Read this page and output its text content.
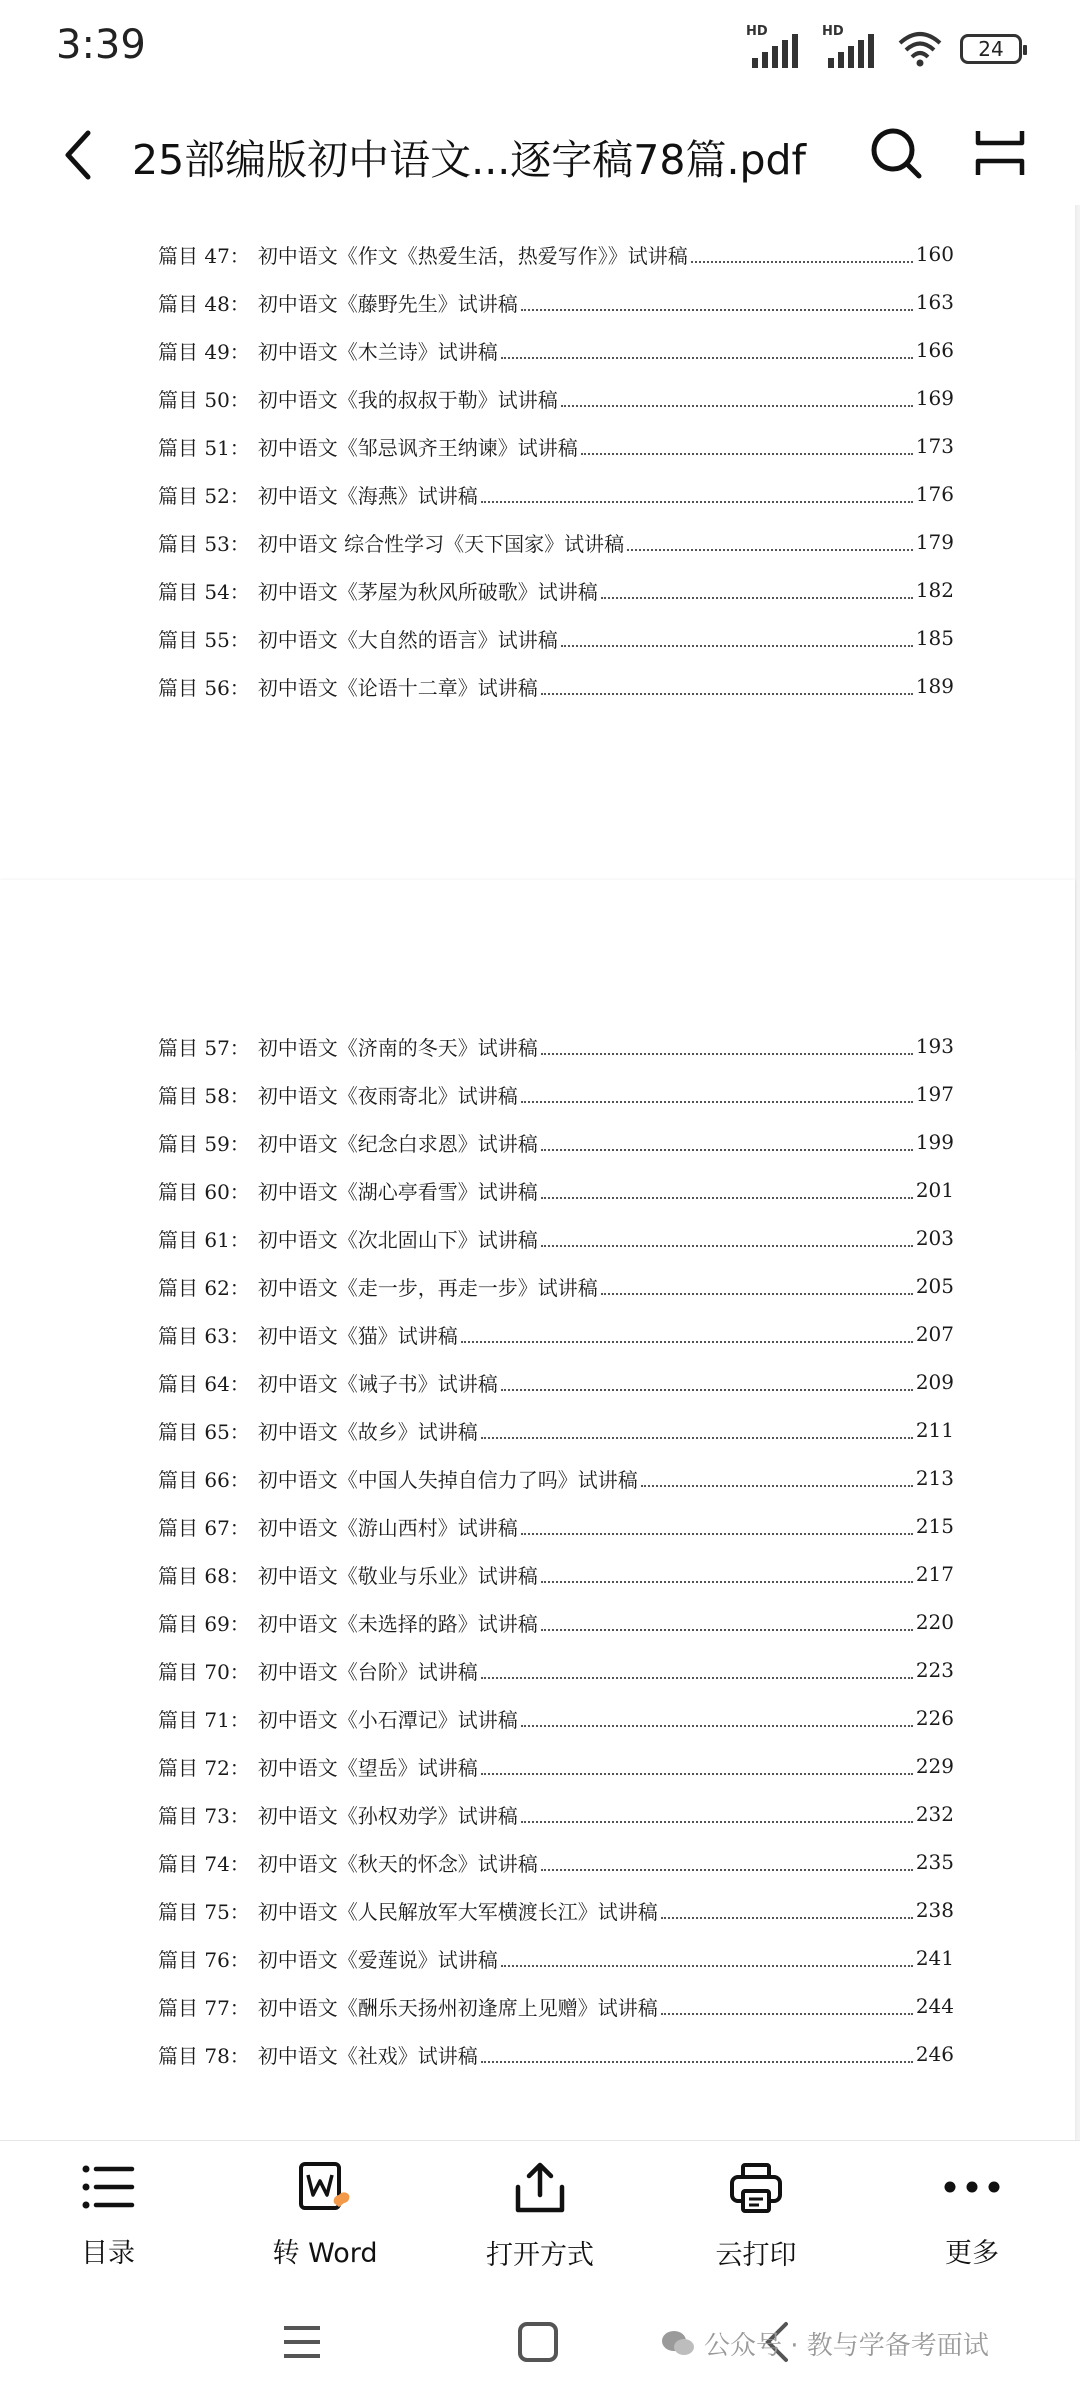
3:39	HD	HD
24
25部编版初中语文...逐字稿78篇.pdf
篇目 47： 初中语文《作文《热爱生活，热爱写作》》试讲稿	160
篇目 48： 初中语文《藤野先生》试讲稿	163
篇目 49： 初中语文《木兰诗》试讲稿	166
篇目 50： 初中语文《我的叔叔于勒》试讲稿	169
篇目 51： 初中语文《邹忌讽齐王纳谏》试讲稿	173
篇目 52： 初中语文《海燕》试讲稿	176
篇目 53： 初中语文 综合性学习《天下国家》试讲稿	179
篇目 54： 初中语文《茅屋为秋风所破歌》试讲稿	182
篇目 55： 初中语文《大自然的语言》试讲稿	185
篇目 56： 初中语文《论语十二章》试讲稿	189
篇目 57： 初中语文《济南的冬天》试讲稿	193
篇目 58： 初中语文《夜雨寄北》试讲稿	197
篇目 59： 初中语文《纪念白求恩》试讲稿	199
篇目 60： 初中语文《湖心亭看雪》试讲稿	201
篇目 61： 初中语文《次北固山下》试讲稿	203
篇目 62： 初中语文《走一步，再走一步》试讲稿	205
篇目 63： 初中语文《猫》试讲稿	207
篇目 64： 初中语文《诫子书》试讲稿	209
篇目 65： 初中语文《故乡》试讲稿	211
篇目 66： 初中语文《中国人失掉自信力了吗》试讲稿	213
篇目 67： 初中语文《游山西村》试讲稿	215
篇目 68： 初中语文《敬业与乐业》试讲稿	217
篇目 69： 初中语文《未选择的路》试讲稿	220
篇目 70： 初中语文《台阶》试讲稿	223
篇目 71： 初中语文《小石潭记》试讲稿	226
篇目 72： 初中语文《望岳》试讲稿	229
篇目 73： 初中语文《孙权劝学》试讲稿	232
篇目 74： 初中语文《秋天的怀念》试讲稿	235
篇目 75： 初中语文《人民解放军大军横渡长江》试讲稿	238
篇目 76： 初中语文《爱莲说》试讲稿	241
篇目 77： 初中语文《酬乐天扬州初逢席上见赠》试讲稿	244
篇目 78： 初中语文《社戏》试讲稿	246
目录	转 Word	打开方式	云打印	更多
公众号 · 教与学备考面试
